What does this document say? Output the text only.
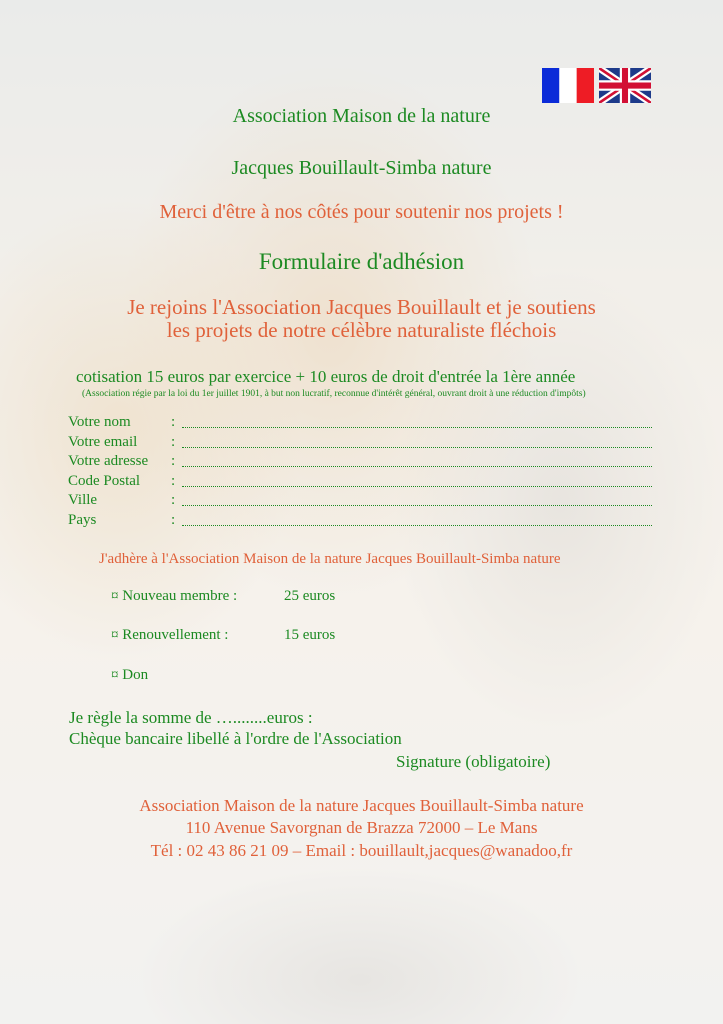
Association Maison de la nature
Jacques Bouillault-Simba nature
Merci d'être à nos côtés pour soutenir nos projets !
Formulaire d'adhésion
Je rejoins l'Association Jacques Bouillault et je soutiens
les projets de notre célèbre naturaliste fléchois
cotisation 15 euros par exercice + 10 euros de droit d'entrée la 1ère année
(Association régie par la loi du 1er juillet 1901, à but non lucratif, reconnue d'intérêt général, ouvrant droit à une réduction d'impôts)
Votre nom	:
Votre email :
Votre adresse :
Code Postal :
Ville	:
Pays	:
J'adhère à l'Association Maison de la nature Jacques Bouillault-Simba nature
¤ Nouveau membre :	25 euros
¤ Renouvellement :	15 euros
¤ Don
Je règle la somme de …........euros :
Chèque bancaire libellé à l'ordre de l'Association
Signature (obligatoire)
Association Maison de la nature Jacques Bouillault-Simba nature
110 Avenue Savorgnan de Brazza 72000 – Le Mans
Tél : 02 43 86 21 09 – Email : bouillault,jacques@wanadoo,fr
